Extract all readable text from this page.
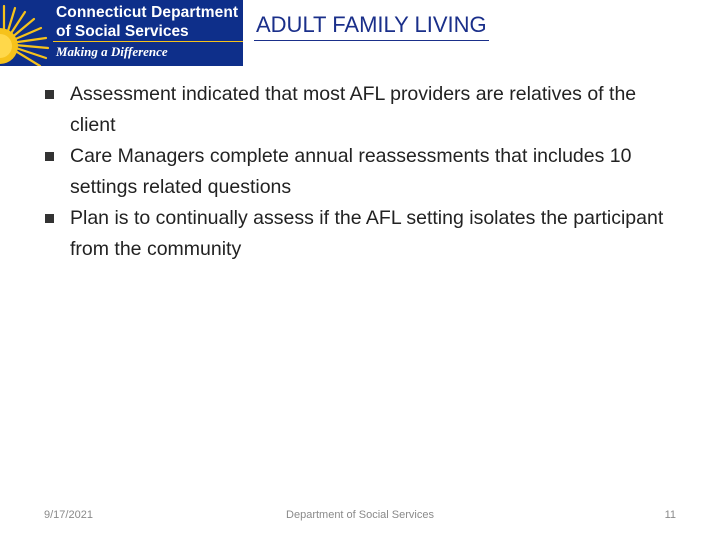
Connecticut Department
of Social Services
Making a Difference
ADULT FAMILY LIVING
Assessment indicated that most AFL providers are relatives of the client
Care Managers complete annual reassessments that includes 10 settings related questions
Plan is to continually assess if the AFL setting isolates the participant from the community
9/17/2021	Department of Social Services	11
